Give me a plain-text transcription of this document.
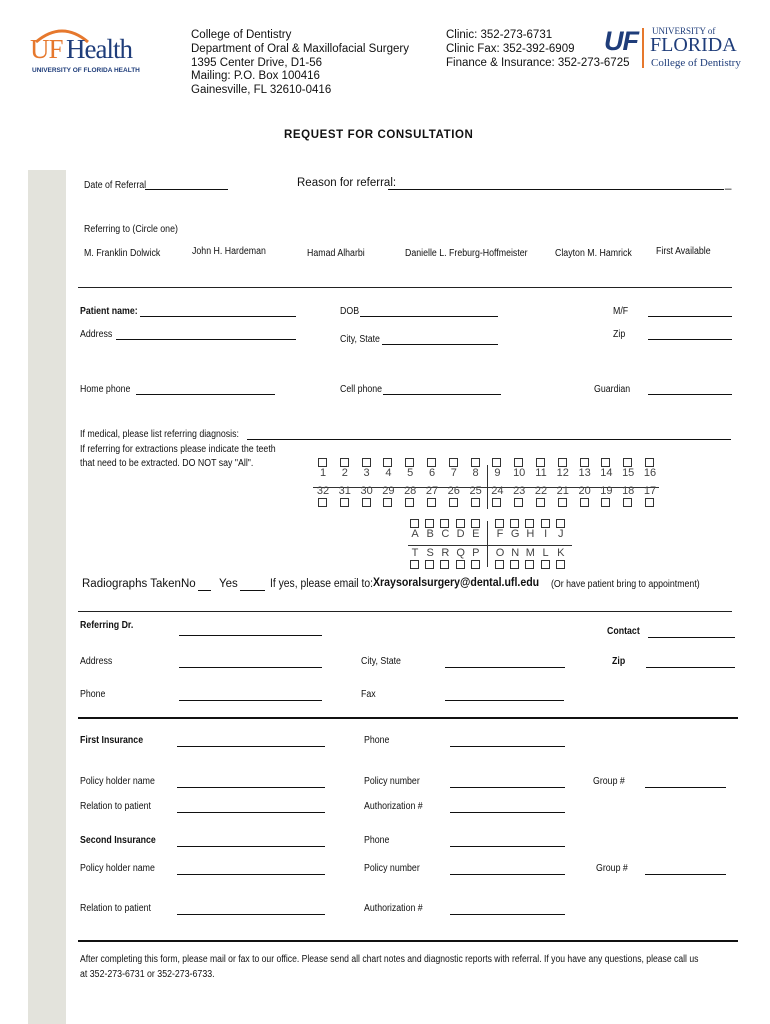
UF Health
UNIVERSITY OF FLORIDA HEALTH
College of Dentistry
Department of Oral & Maxillofacial Surgery
1395 Center Drive, D1-56
Mailing: P.O. Box 100416
Gainesville, FL 32610-0416
Clinic: 352-273-6731
Clinic Fax: 352-392-6909
Finance & Insurance: 352-273-6725
UF UNIVERSITY of
FLORIDA
College of Dentistry
REQUEST FOR CONSULTATION
Date of Referral	Reason for referral:	_
Referring to (Circle one)
M. Franklin Dolwick	John H. Hardeman	Hamad Alharbi	Danielle L. Freburg-Hoffmeister	Clayton M. Hamrick First Available
Patient name:	DOB	M/F
Address	City, State	Zip
Home phone	Cell phone	Guardian
If medical, please list referring diagnosis:
If referring for extractions please indicate the teeth
that need to be extracted. DO NOT say "All".
1	2	3	4	5	6	7	8	9	10 11 12 13 14 15 16
32 31 30 29 28 27 26 25 24 23 22 21 20 19 18 17
A B C D E	F G H I J
T S R Q P	O N M L K
Radiographs Taken:
No Yes	If yes, please email to: Xraysoralsurgery@dental.ufl.edu (Or have patient bring to appointment)
Referring Dr.
Contact
Address	City, State	Zip
Phone	Fax
First Insurance	Phone
Policy holder name	Policy number	Group #
Relation to patient	Authorization #
Second Insurance	Phone
Policy holder name	Policy number	Group #
Relation to patient	Authorization #
After completing this form, please mail or fax to our office. Please send all chart notes and diagnostic reports with referral. If you have any questions, please call us
at 352-273-6731 or 352-273-6733.
